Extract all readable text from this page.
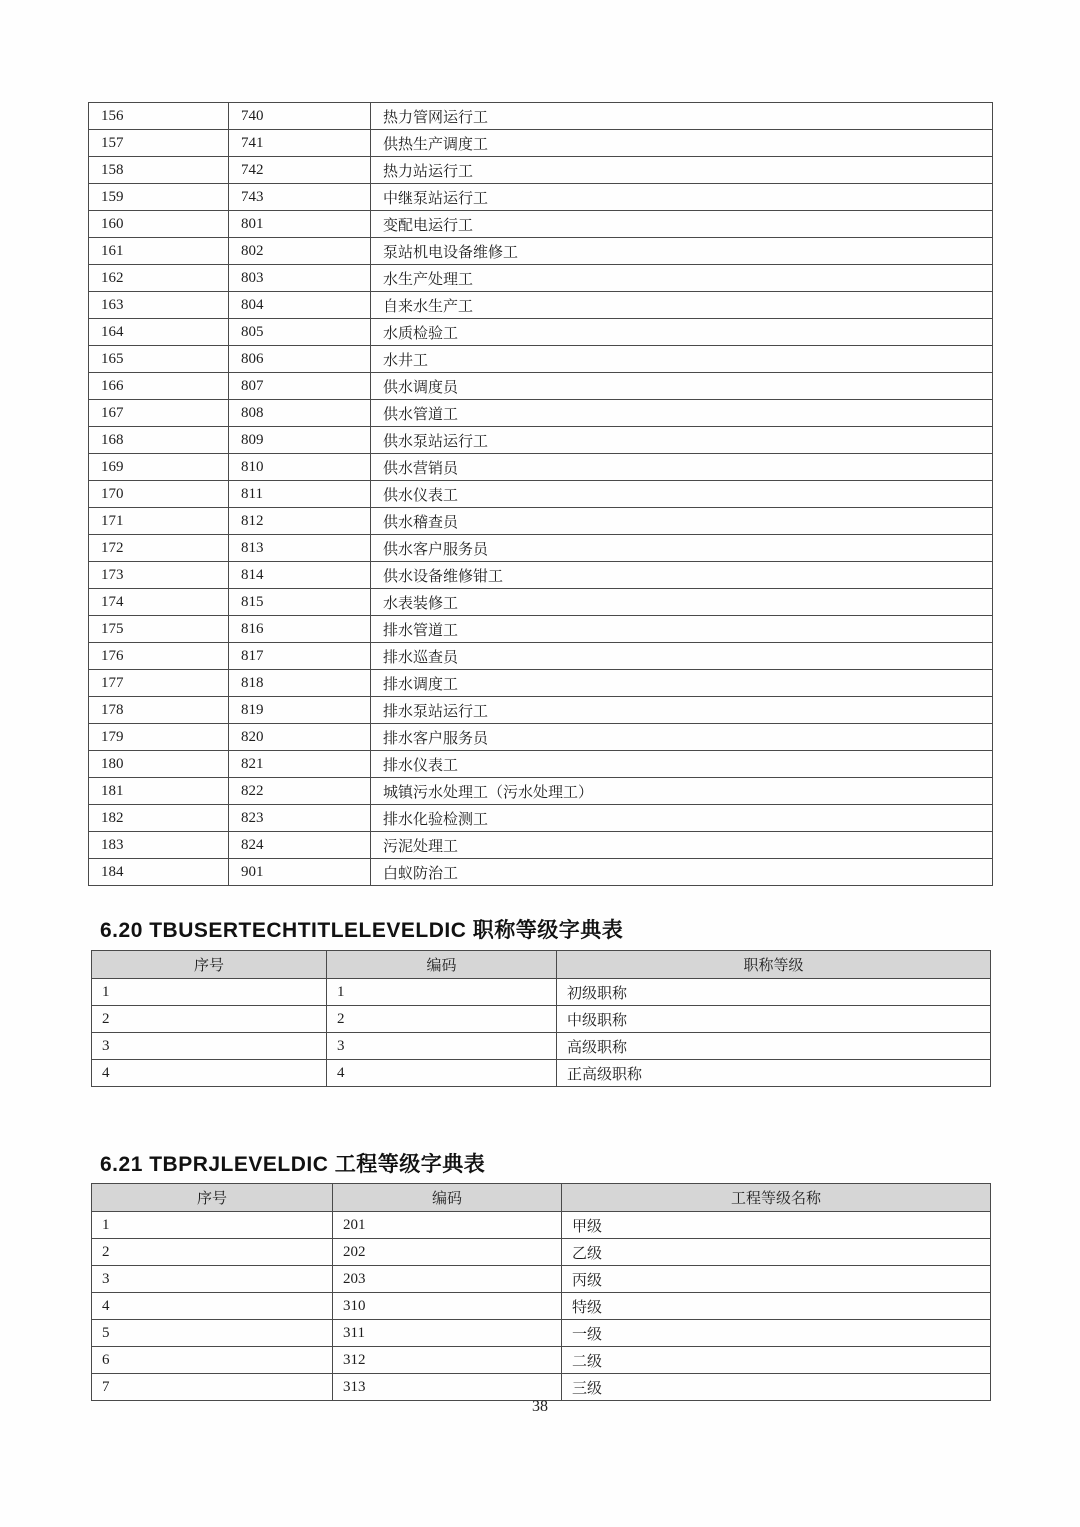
156	740	热力管网运行工
157	741	供热生产调度工
158	742	热力站运行工
159	743	中继泵站运行工
160	801	变配电运行工
161	802	泵站机电设备维修工
162	803	水生产处理工
163	804	自来水生产工
164	805	水质检验工
165	806	水井工
166	807	供水调度员
167	808	供水管道工
168	809	供水泵站运行工
169	810	供水营销员
170	811	供水仪表工
171	812	供水稽查员
172	813	供水客户服务员
173	814	供水设备维修钳工
174	815	水表装修工
175	816	排水管道工
176	817	排水巡查员
177	818	排水调度工
178	819	排水泵站运行工
179	820	排水客户服务员
180	821	排水仪表工
181	822	城镇污水处理工（污水处理工）
182	823	排水化验检测工
183	824	污泥处理工
184	901	白蚁防治工
6.20 TBUSERTECHTITLELEVELDIC 职称等级字典表
序号	编码	职称等级
1	1	初级职称
2	2	中级职称
3	3	高级职称
4	4	正高级职称
6.21 TBPRJLEVELDIC 工程等级字典表
序号	编码	工程等级名称
1	201	甲级
2	202	乙级
3	203	丙级
4	310	特级
5	311	一级
6	312	二级
7	313	三级
38
